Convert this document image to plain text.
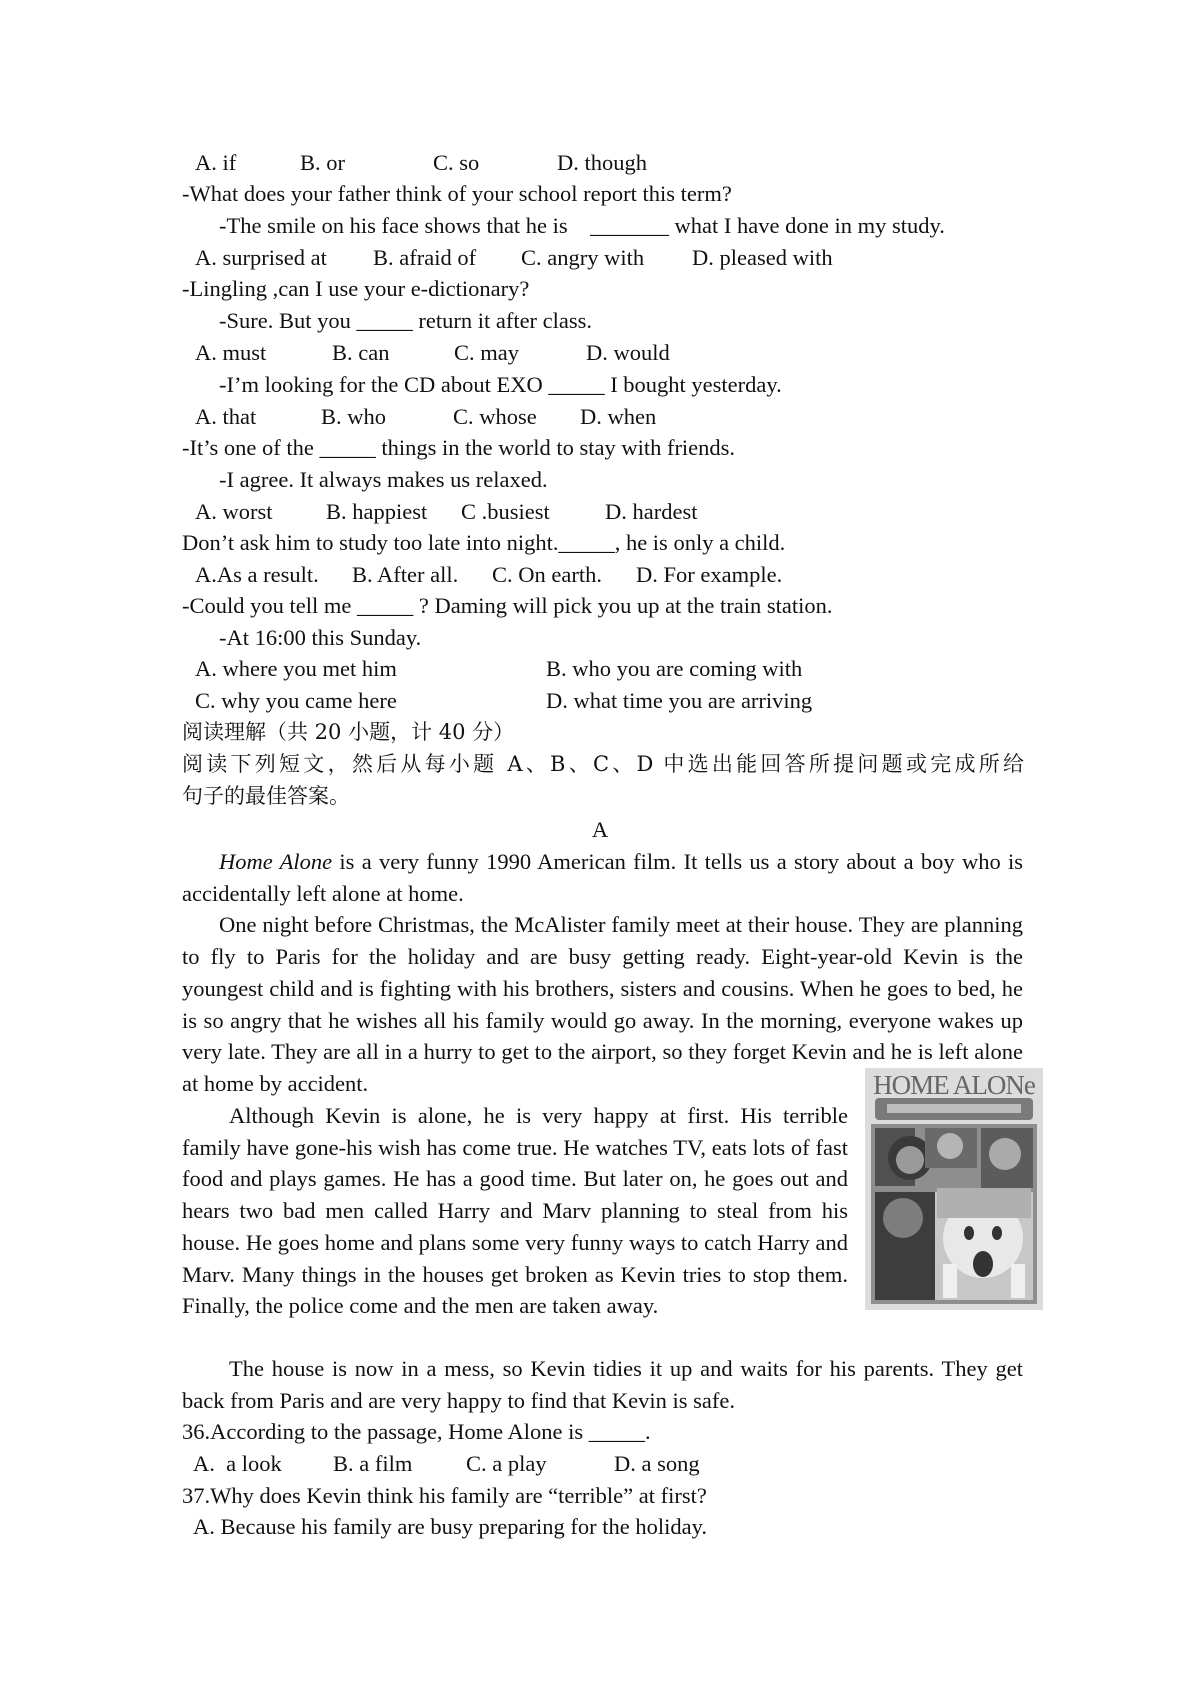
A. if	B. or	C. so	D. though
-What does your father think of your school report this term?
-The smile on his face shows that he is    _______ what I have done in my study.
A. surprised at B. afraid of C. angry with D. pleased with
-Lingling ,can I use your e-dictionary?
-Sure. But you _____ return it after class.
A. must	B. can	C. may	D. would
-I’m looking for the CD about EXO _____ I bought yesterday.
A. that	B. who	C. whose D. when
-It’s one of the _____ things in the world to stay with friends.
-I agree. It always makes us relaxed.
A. worst B. happiest C .busiest D. hardest
Don’t ask him to study too late into night._____, he is only a child.
A.As a result. B. After all. C. On earth. D. For example.
-Could you tell me _____ ? Daming will pick you up at the train station.
-At 16:00 this Sunday.
A. where you met him	B. who you are coming with
C. why you came here	D. what time you are arriving
阅读理解（共 20 小题，计 40 分）
阅读下列短文，然后从每小题 A、B、C、D 中选出能回答所提问题或完成所给
句子的最佳答案。
A

Home Alone is a very funny 1990 American film. It tells us a story about a boy who is accidentally left alone at home.

One night before Christmas, the McAlister family meet at their house. They are planning to fly to Paris for the holiday and are busy getting ready. Eight-year-old Kevin is the youngest child and is fighting with his brothers, sisters and cousins. When he goes to bed, he is so angry that he wishes all his family would go away. In the morning, everyone wakes up very late. They are all in a hurry to get to the airport, so they forget Kevin and he is left alone at home by accident.

Although Kevin is alone, he is very happy at first. His terrible family have gone-his wish has come true. He watches TV, eats lots of fast food and plays games. He has a good time. But later on, he goes out and hears two bad men called Harry and Marv planning to steal from his house. He goes home and plans some very funny ways to catch Harry and Marv. Many things in the houses get broken as Kevin tries to stop them. Finally, the police come and the men are taken away.

HOME ALONe

The house is now in a mess, so Kevin tidies it up and waits for his parents. They get back from Paris and are very happy to find that Kevin is safe.

36.According to the passage, Home Alone is _____.
A.  a look B. a film C. a play	D. a song
37.Why does Kevin think his family are “terrible” at first?
A. Because his family are busy preparing for the holiday.
